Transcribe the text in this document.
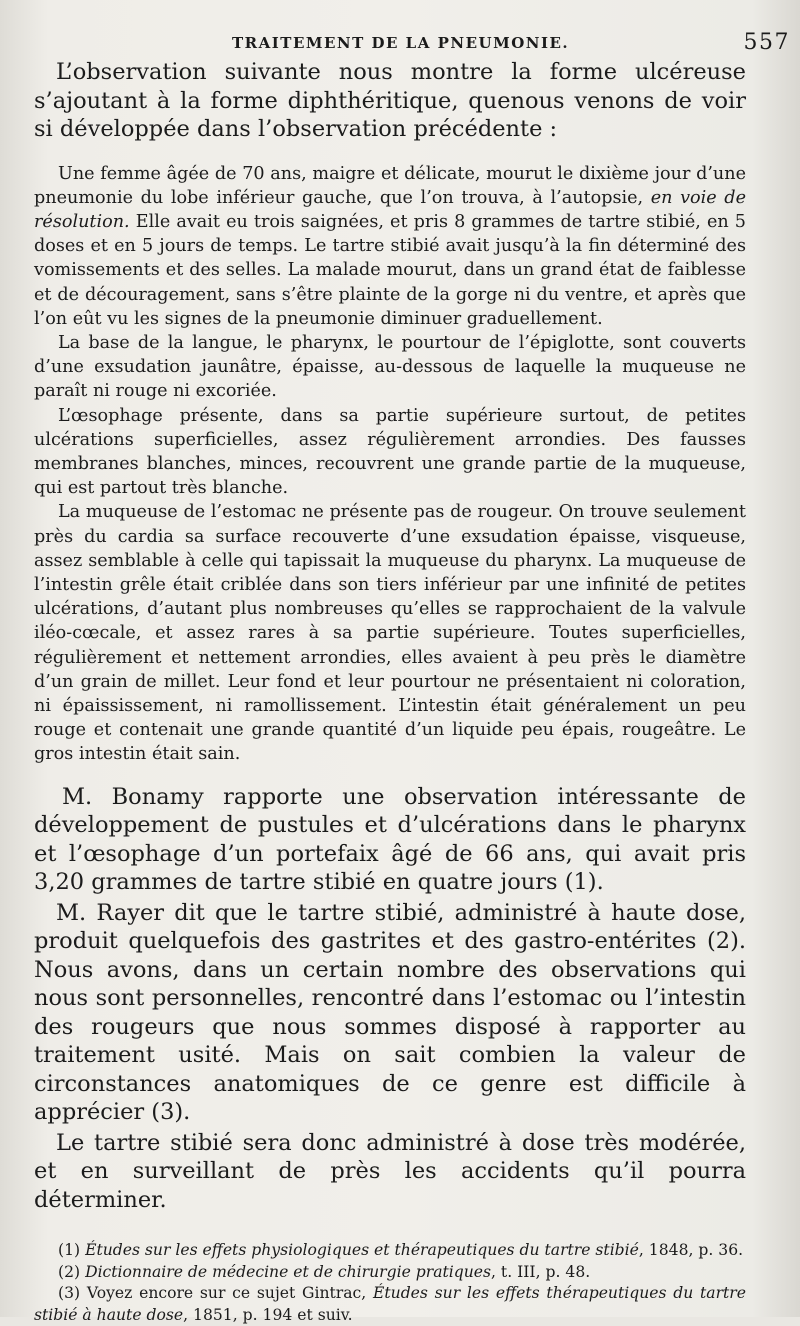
TRAITEMENT DE LA PNEUMONIE.	557

L’observation suivante nous montre la forme ulcéreuse s’ajoutant à la forme diphthéritique, quenous venons de voir si développée dans l’observation précédente :

Une femme âgée de 70 ans, maigre et délicate, mourut le dixième jour d’une pneumonie du lobe inférieur gauche, que l’on trouva, à l’autopsie, en voie de résolution. Elle avait eu trois saignées, et pris 8 grammes de tartre stibié, en 5 doses et en 5 jours de temps. Le tartre stibié avait jusqu’à la fin déterminé des vomissements et des selles. La malade mourut, dans un grand état de faiblesse et de découragement, sans s’être plainte de la gorge ni du ventre, et après que l’on eût vu les signes de la pneumonie diminuer graduellement.

La base de la langue, le pharynx, le pourtour de l’épiglotte, sont couverts d’une exsudation jaunâtre, épaisse, au-dessous de laquelle la muqueuse ne paraît ni rouge ni excoriée.

L’œsophage présente, dans sa partie supérieure surtout, de petites ulcérations superficielles, assez régulièrement arrondies. Des fausses membranes blanches, minces, recouvrent une grande partie de la muqueuse, qui est partout très blanche.

La muqueuse de l’estomac ne présente pas de rougeur. On trouve seulement près du cardia sa surface recouverte d’une exsudation épaisse, visqueuse, assez semblable à celle qui tapissait la muqueuse du pharynx. La muqueuse de l’intestin grêle était criblée dans son tiers inférieur par une infinité de petites ulcérations, d’autant plus nombreuses qu’elles se rapprochaient de la valvule iléo-cœcale, et assez rares à sa partie supérieure. Toutes superficielles, régulièrement et nettement arrondies, elles avaient à peu près le diamètre d’un grain de millet. Leur fond et leur pourtour ne présentaient ni coloration, ni épaississement, ni ramollissement. L’intestin était généralement un peu rouge et contenait une grande quantité d’un liquide peu épais, rougeâtre. Le gros intestin était sain.

M. Bonamy rapporte une observation intéressante de développement de pustules et d’ulcérations dans le pharynx et l’œsophage d’un portefaix âgé de 66 ans, qui avait pris 3,20 grammes de tartre stibié en quatre jours (1).

M. Rayer dit que le tartre stibié, administré à haute dose, produit quelquefois des gastrites et des gastro-entérites (2). Nous avons, dans un certain nombre des observations qui nous sont personnelles, rencontré dans l’estomac ou l’intestin des rougeurs que nous sommes disposé à rapporter au traitement usité. Mais on sait combien la valeur de circonstances anatomiques de ce genre est difficile à apprécier (3).

Le tartre stibié sera donc administré à dose très modérée, et en surveillant de près les accidents qu’il pourra déterminer.

(1) Études sur les effets physiologiques et thérapeutiques du tartre stibié, 1848, p. 36.

(2) Dictionnaire de médecine et de chirurgie pratiques, t. III, p. 48.

(3) Voyez encore sur ce sujet Gintrac, Études sur les effets thérapeutiques du tartre stibié à haute dose, 1851, p. 194 et suiv.
